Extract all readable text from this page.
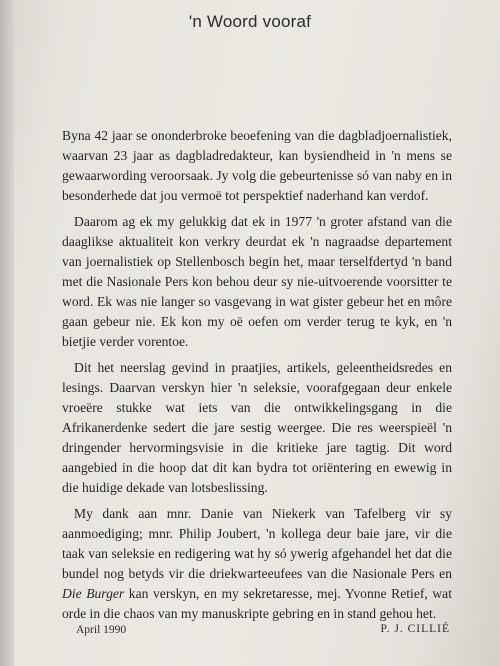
'n Woord vooraf

Byna 42 jaar se ononderbroke beoefening van die dagbladjoernalistiek, waarvan 23 jaar as dagbladredakteur, kan bysiendheid in 'n mens se gewaarwording veroorsaak. Jy volg die gebeurtenisse só van naby en in besonderhede dat jou vermoë tot perspektief naderhand kan verdof.

Daarom ag ek my gelukkig dat ek in 1977 'n groter afstand van die daaglikse aktualiteit kon verkry deurdat ek 'n nagraadse departement van joernalistiek op Stellenbosch begin het, maar terselfdertyd 'n band met die Nasionale Pers kon behou deur sy nie-uitvoerende voorsitter te word. Ek was nie langer so vasgevang in wat gister gebeur het en môre gaan gebeur nie. Ek kon my oë oefen om verder terug te kyk, en 'n bietjie verder vorentoe.

Dit het neerslag gevind in praatjies, artikels, geleentheidsredes en lesings. Daarvan verskyn hier 'n seleksie, voorafgegaan deur enkele vroeëre stukke wat iets van die ontwikkelingsgang in die Afrikanerdenke sedert die jare sestig weergee. Die res weerspieël 'n dringender hervormingsvisie in die kritieke jare tagtig. Dit word aangebied in die hoop dat dit kan bydra tot oriëntering en ewewig in die huidige dekade van lotsbeslissing.

My dank aan mnr. Danie van Niekerk van Tafelberg vir sy aanmoediging; mnr. Philip Joubert, 'n kollega deur baie jare, vir die taak van seleksie en redigering wat hy só ywerig afgehandel het dat die bundel nog betyds vir die driekwarteeufees van die Nasionale Pers en Die Burger kan verskyn, en my sekretaresse, mej. Yvonne Retief, wat orde in die chaos van my manuskripte gebring en in stand gehou het.

April 1990	P. J. CILLIÉ
